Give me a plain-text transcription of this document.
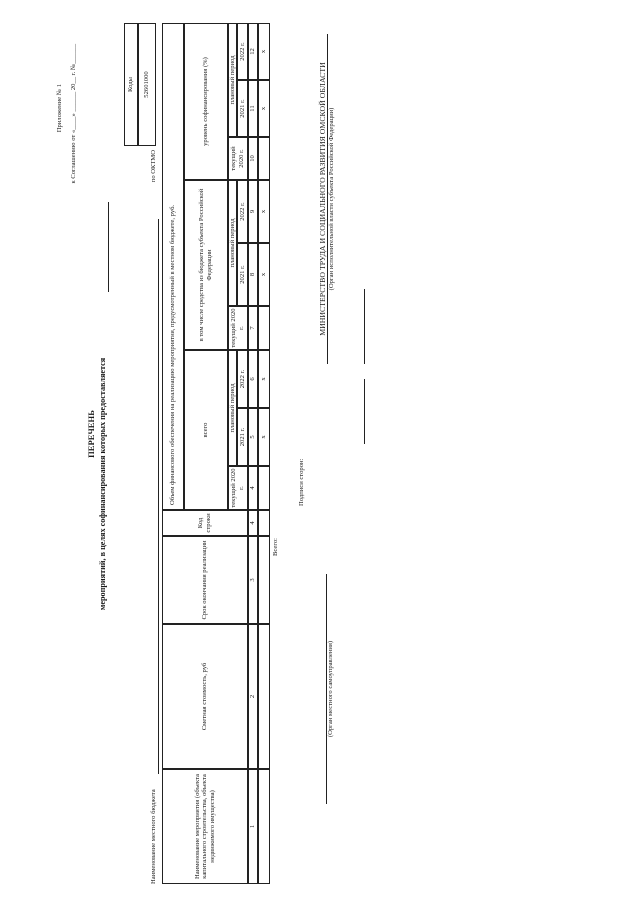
Приложение № 1 к Соглашению от «____» ______ 20__ г. №______
ПЕРЕЧЕНЬ мероприятий, в целях софинансирования которых предоставляется
Наименование местного бюджета
по ОКТМО
Коды	52601000
Наименование мероприятия (объекта капитального строительства, объекта недвижимого имущества)
Сметная стоимость, руб
Срок окончания реализации
Код строки
Объем финансового обеспечения на реализацию мероприятия, предусмотренный в местном бюджете, руб.	всего
в том числе средства из бюджета субъекта Российской Федерации
уровень софинансирования (%)
текущий 2020 г.
плановый период
2021 г.
2022 г.
текущий 2020 г.
плановый период
2021 г.
2022 г.
текущий 2020 г.
плановый период
2021 г.
2022 г.
1
2
3
4
4
5
6
7
8
9
10
11
12
x
x
x
x
x
x
Всего:
Подписи сторон:
(Орган местного самоуправления)
МИНИСТЕРСТВО ТРУДА И СОЦИАЛЬНОГО РАЗВИТИЯ ОМСКОЙ ОБЛАСТИ (Орган исполнительной власти субъекта Российской Федерации)
